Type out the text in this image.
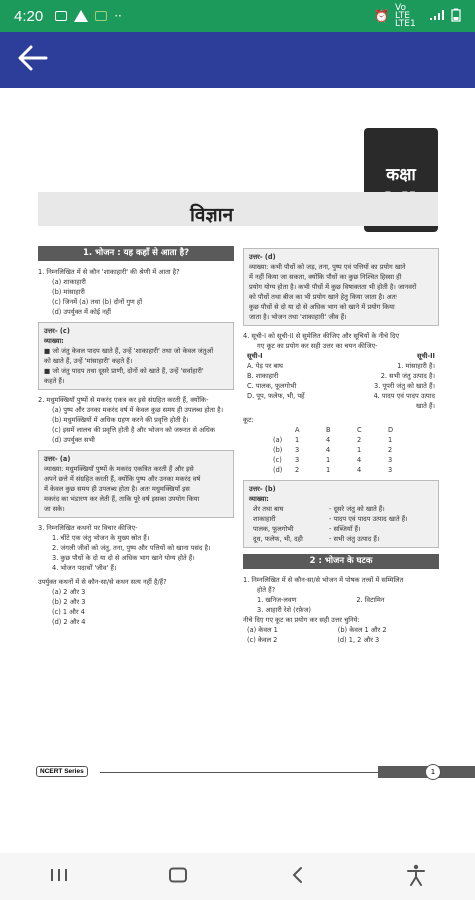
4:20	··	⏰
Vo LTE LTE1
कक्षा
विज्ञान
1. भोजन : यह कहाँ से आता है?
1. निम्नलिखित में से कौन 'शाकाहारी' की श्रेणी में आता है?
(a) शाकाहारी
(b) मांसाहारी
(c) जिनमें (a) तथा (b) दोनों गुण हों
(d) उपर्युक्त में कोई नहीं
उत्तर- (c)
व्याख्या:
■ जो जंतु केवल पादप खाते हैं, उन्हें 'शाकाहारी' तथा जो केवल जंतुओं
को खाते हैं, उन्हें 'मांसाहारी' कहते हैं।
■ जो जंतु पादप तथा दूसरे प्राणी, दोनों को खाते हैं, उन्हें 'सर्वाहारी'
कहते हैं।
2. मधुमक्खियाँ पुष्पों से मकरंद एकत्र कर इसे संग्रहित करती हैं, क्योंकि-
(a) पुष्प और उनका मकरंद वर्ष में केवल कुछ समय ही उपलब्ध होता है।
(b) मधुमक्खियों में अधिक ग्रहण करने की प्रवृत्ति होती है।
(c) इसमें लालच की प्रवृत्ति होती है और भोजन को जरूरत से अधिक
(d) उपर्युक्त सभी
उत्तर- (a)
व्याख्या: मधुमक्खियाँ पुष्पों के मकरंद एकत्रित करती हैं और इसे
अपने छत्ते में संग्रहित करती हैं, क्योंकि पुष्प और उनका मकरंद वर्ष
में केवल कुछ समय ही उपलब्ध होता है। अतः मधुमक्खियाँ इस
मकरंद का भंडारण कर लेती हैं, ताकि पूरे वर्ष इसका उपयोग किया
जा सके।
3. निम्नलिखित कथनों पर विचार कीजिए-
1. चींटे एक जंतु भोजन के मुख्य स्रोत हैं।
2. जंगली जीवों को जंतु, तना, पुष्प और पत्तियों को खाना पसंद है।
3. कुछ पौधों के दो या दो से अधिक भाग खाने योग्य होते हैं।
4. भोजन पदार्थों 'जीव' हैं।
उपर्युक्त कथनों में से कौन-सा/से कथन सत्य नहीं है/हैं?
(a) 2 और 3
(b) 2 और 3
(c) 1 और 4
(d) 2 और 4
उत्तर- (d)
व्याख्या: कभी पौधों को जड़, तना, पुष्प एवं पत्तियों का प्रयोग खाने
में नहीं किया जा सकता, क्योंकि पौधों का कुछ निश्चित हिस्सा ही
प्रयोग योग्य होता है। कभी पौधों में कुछ विषाक्तता भी होती है। जानवरों
को पौधों तथा बीज का भी प्रयोग खाने हेतु किया जाता है। अतः
कुछ पौधों से दो या दो से अधिक भाग को खाने में प्रयोग किया
जाता है। भोजन तथा 'शाकाहारी' जीव हैं।
4. सूची-I को सूची-II से सुमेलित कीजिए और सूचियों के नीचे दिए
गए कूट का प्रयोग कर सही उत्तर का चयन कीजिए-
सूची-I	सूची-II
A. पेड़ पर बाघ	1. मांसाहारी है।
B. शाकाहारी	2. सभी जंतु उत्पाद है।
C. पालक, फूलगोभी	3. पूपरी जंतु को खाते हैं।
D. पूप, फलेफ, भी, पहें	4. पादप एवं पादप उत्पाद
खाते हैं।
कूट:
A	B	C	D
(a)	1	4	2	1
(b)	3	4	1	2
(c)	3	1	4	3
(d)	2	1	4	3
उत्तर- (b)
व्याख्या:
शेर तथा बाघ	- दूसरे जंतु को खाते हैं।
शाकाहारी	- पादप एवं पादप उत्पाद खाते हैं।
पालक, फूलगोभी	- सब्जियाँ हैं।
दूध, फलेफ, भी, दही	- सभी जंतु उत्पाद हैं।
2 : भोजन के घटक
1. निम्नलिखित में से कौन-सा/से भोजन में पोषक तत्त्वों में सम्मिलित
होते हैं?
1. खनिज-लवण	2. विटामिन
3. आहारी रेशे (रफ़ेज)
नीचे दिए गए कूट का प्रयोग कर सही उत्तर चुनिये:
(a) केवल 1	(b) केवल 1 और 2
(c) केवल 2	(d) 1, 2 और 3
NCERT Series	1
